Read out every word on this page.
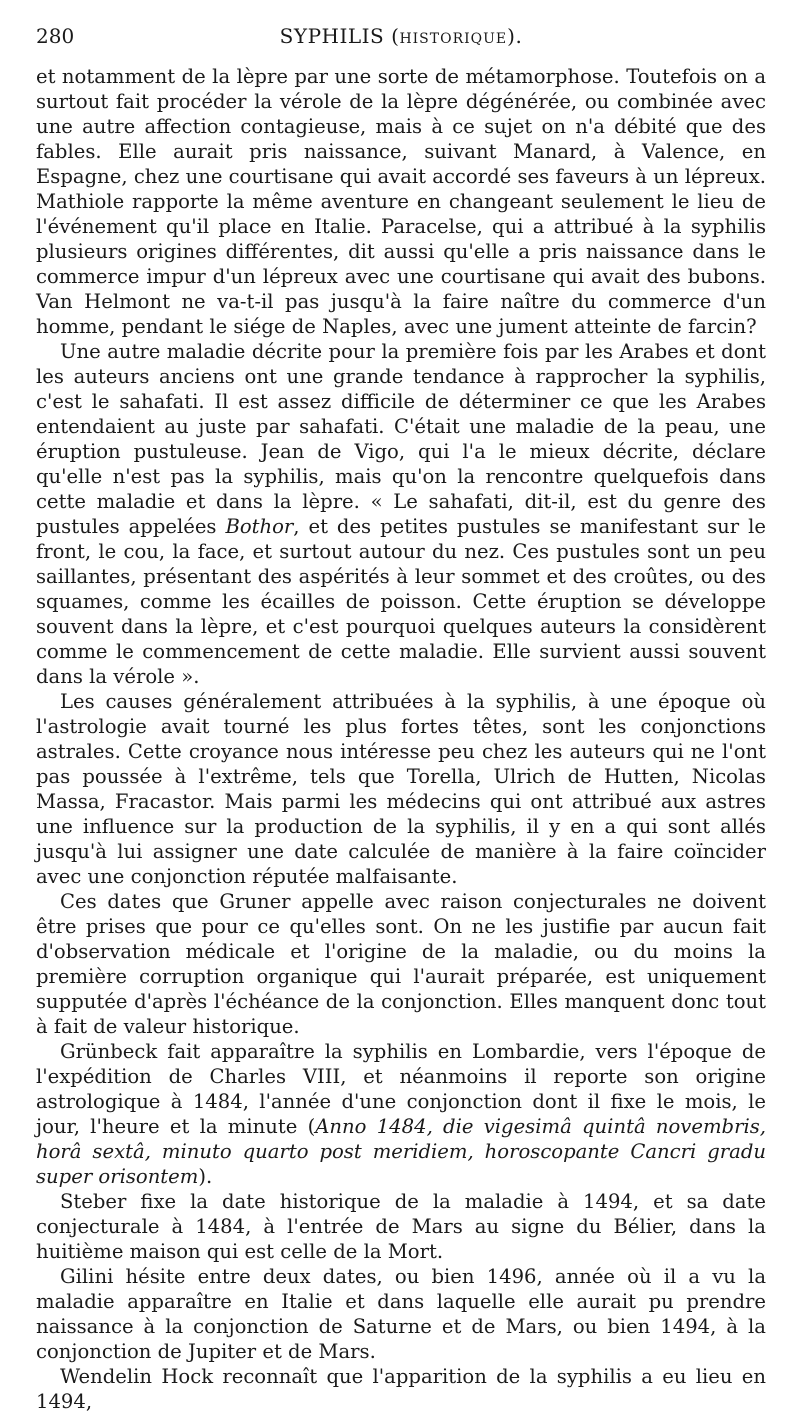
280	SYPHILIS (HISTORIQUE).

et notamment de la lèpre par une sorte de métamorphose. Toutefois on a surtout fait procéder la vérole de la lèpre dégénérée, ou combinée avec une autre affection contagieuse, mais à ce sujet on n'a débité que des fables. Elle aurait pris naissance, suivant Manard, à Valence, en Espagne, chez une courtisane qui avait accordé ses faveurs à un lépreux. Mathiole rapporte la même aventure en changeant seulement le lieu de l'événement qu'il place en Italie. Paracelse, qui a attribué à la syphilis plusieurs origines différentes, dit aussi qu'elle a pris naissance dans le commerce impur d'un lépreux avec une courtisane qui avait des bubons. Van Helmont ne va-t-il pas jusqu'à la faire naître du commerce d'un homme, pendant le siége de Naples, avec une jument atteinte de farcin?

Une autre maladie décrite pour la première fois par les Arabes et dont les auteurs anciens ont une grande tendance à rapprocher la syphilis, c'est le sahafati. Il est assez difficile de déterminer ce que les Arabes entendaient au juste par sahafati. C'était une maladie de la peau, une éruption pustuleuse. Jean de Vigo, qui l'a le mieux décrite, déclare qu'elle n'est pas la syphilis, mais qu'on la rencontre quelquefois dans cette maladie et dans la lèpre. « Le sahafati, dit-il, est du genre des pustules appelées Bothor, et des petites pustules se manifestant sur le front, le cou, la face, et surtout autour du nez. Ces pustules sont un peu saillantes, présentant des aspérités à leur sommet et des croûtes, ou des squames, comme les écailles de poisson. Cette éruption se développe souvent dans la lèpre, et c'est pourquoi quelques auteurs la considèrent comme le commencement de cette maladie. Elle survient aussi souvent dans la vérole ».

Les causes généralement attribuées à la syphilis, à une époque où l'astrologie avait tourné les plus fortes têtes, sont les conjonctions astrales. Cette croyance nous intéresse peu chez les auteurs qui ne l'ont pas poussée à l'extrême, tels que Torella, Ulrich de Hutten, Nicolas Massa, Fracastor. Mais parmi les médecins qui ont attribué aux astres une influence sur la production de la syphilis, il y en a qui sont allés jusqu'à lui assigner une date calculée de manière à la faire coïncider avec une conjonction réputée malfaisante.

Ces dates que Gruner appelle avec raison conjecturales ne doivent être prises que pour ce qu'elles sont. On ne les justifie par aucun fait d'observation médicale et l'origine de la maladie, ou du moins la première corruption organique qui l'aurait préparée, est uniquement supputée d'après l'échéance de la conjonction. Elles manquent donc tout à fait de valeur historique.

Grünbeck fait apparaître la syphilis en Lombardie, vers l'époque de l'expédition de Charles VIII, et néanmoins il reporte son origine astrologique à 1484, l'année d'une conjonction dont il fixe le mois, le jour, l'heure et la minute (Anno 1484, die vigesimâ quintâ novembris, horâ sextâ, minuto quarto post meridiem, horoscopante Cancri gradu super orisontem).

Steber fixe la date historique de la maladie à 1494, et sa date conjecturale à 1484, à l'entrée de Mars au signe du Bélier, dans la huitième maison qui est celle de la Mort.

Gilini hésite entre deux dates, ou bien 1496, année où il a vu la maladie apparaître en Italie et dans laquelle elle aurait pu prendre naissance à la conjonction de Saturne et de Mars, ou bien 1494, à la conjonction de Jupiter et de Mars.

Wendelin Hock reconnaît que l'apparition de la syphilis a eu lieu en 1494,
